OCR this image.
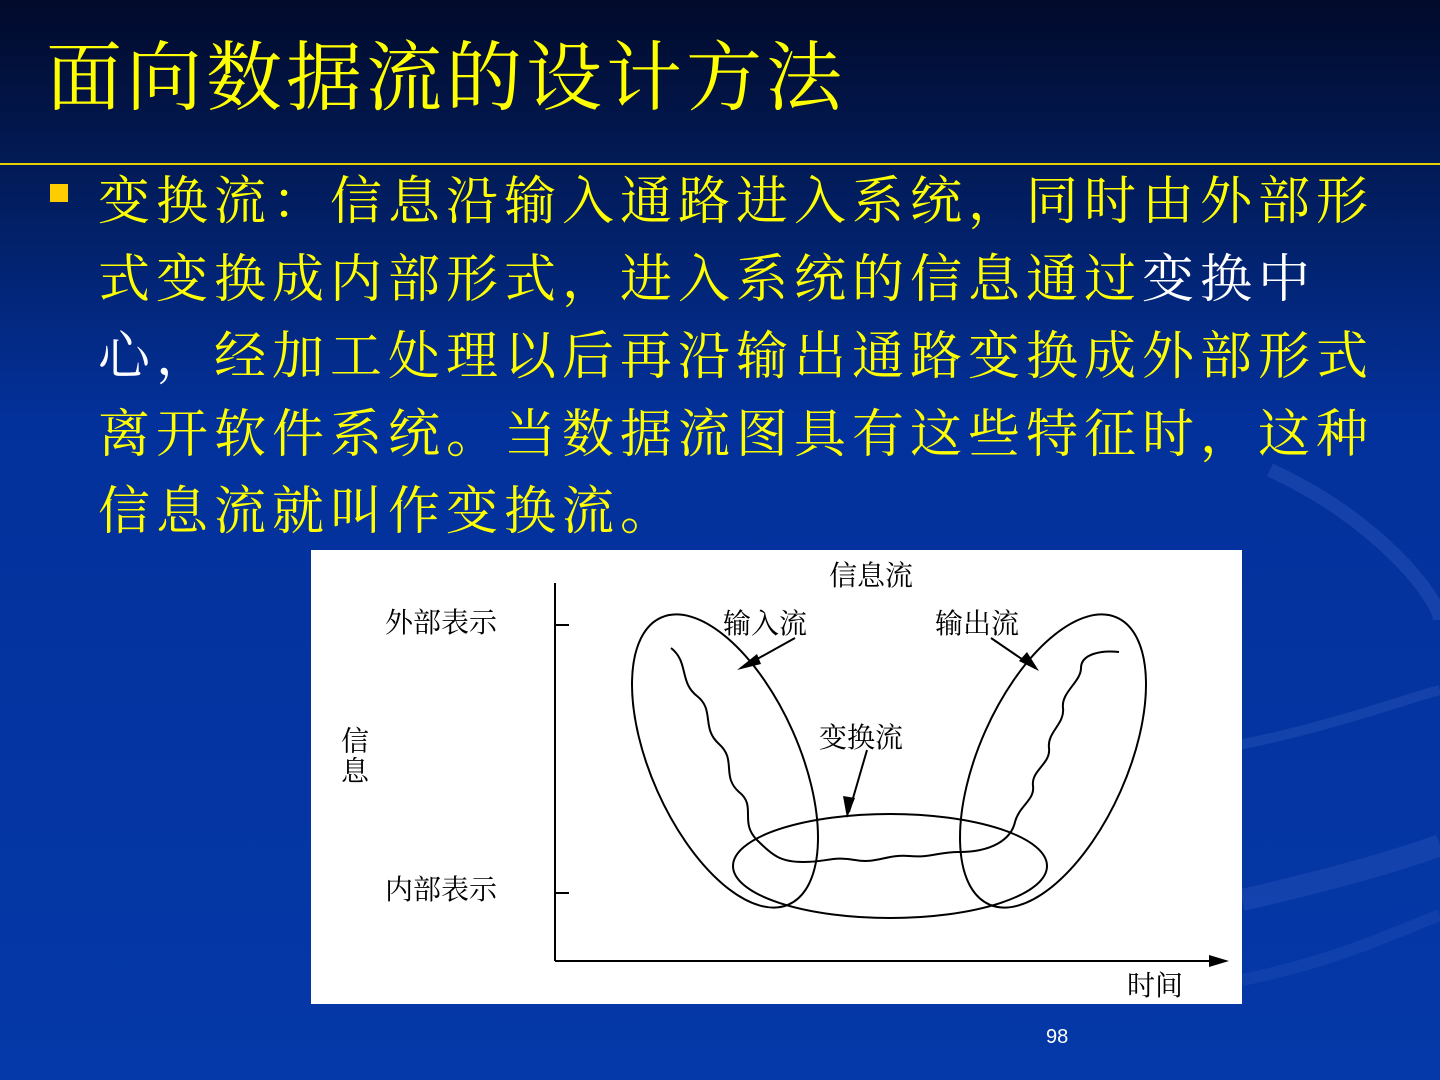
面向数据流的设计方法

变换流：信息沿输入通路进入系统，同时由外部形式变换成内部形式，进入系统的信息通过变换中心，经加工处理以后再沿输出通路变换成外部形式离开软件系统。当数据流图具有这些特征时，这种信息流就叫作变换流。

信息流
外部表示
内部表示
输入流	输出流
变换流
信息
时间
98
